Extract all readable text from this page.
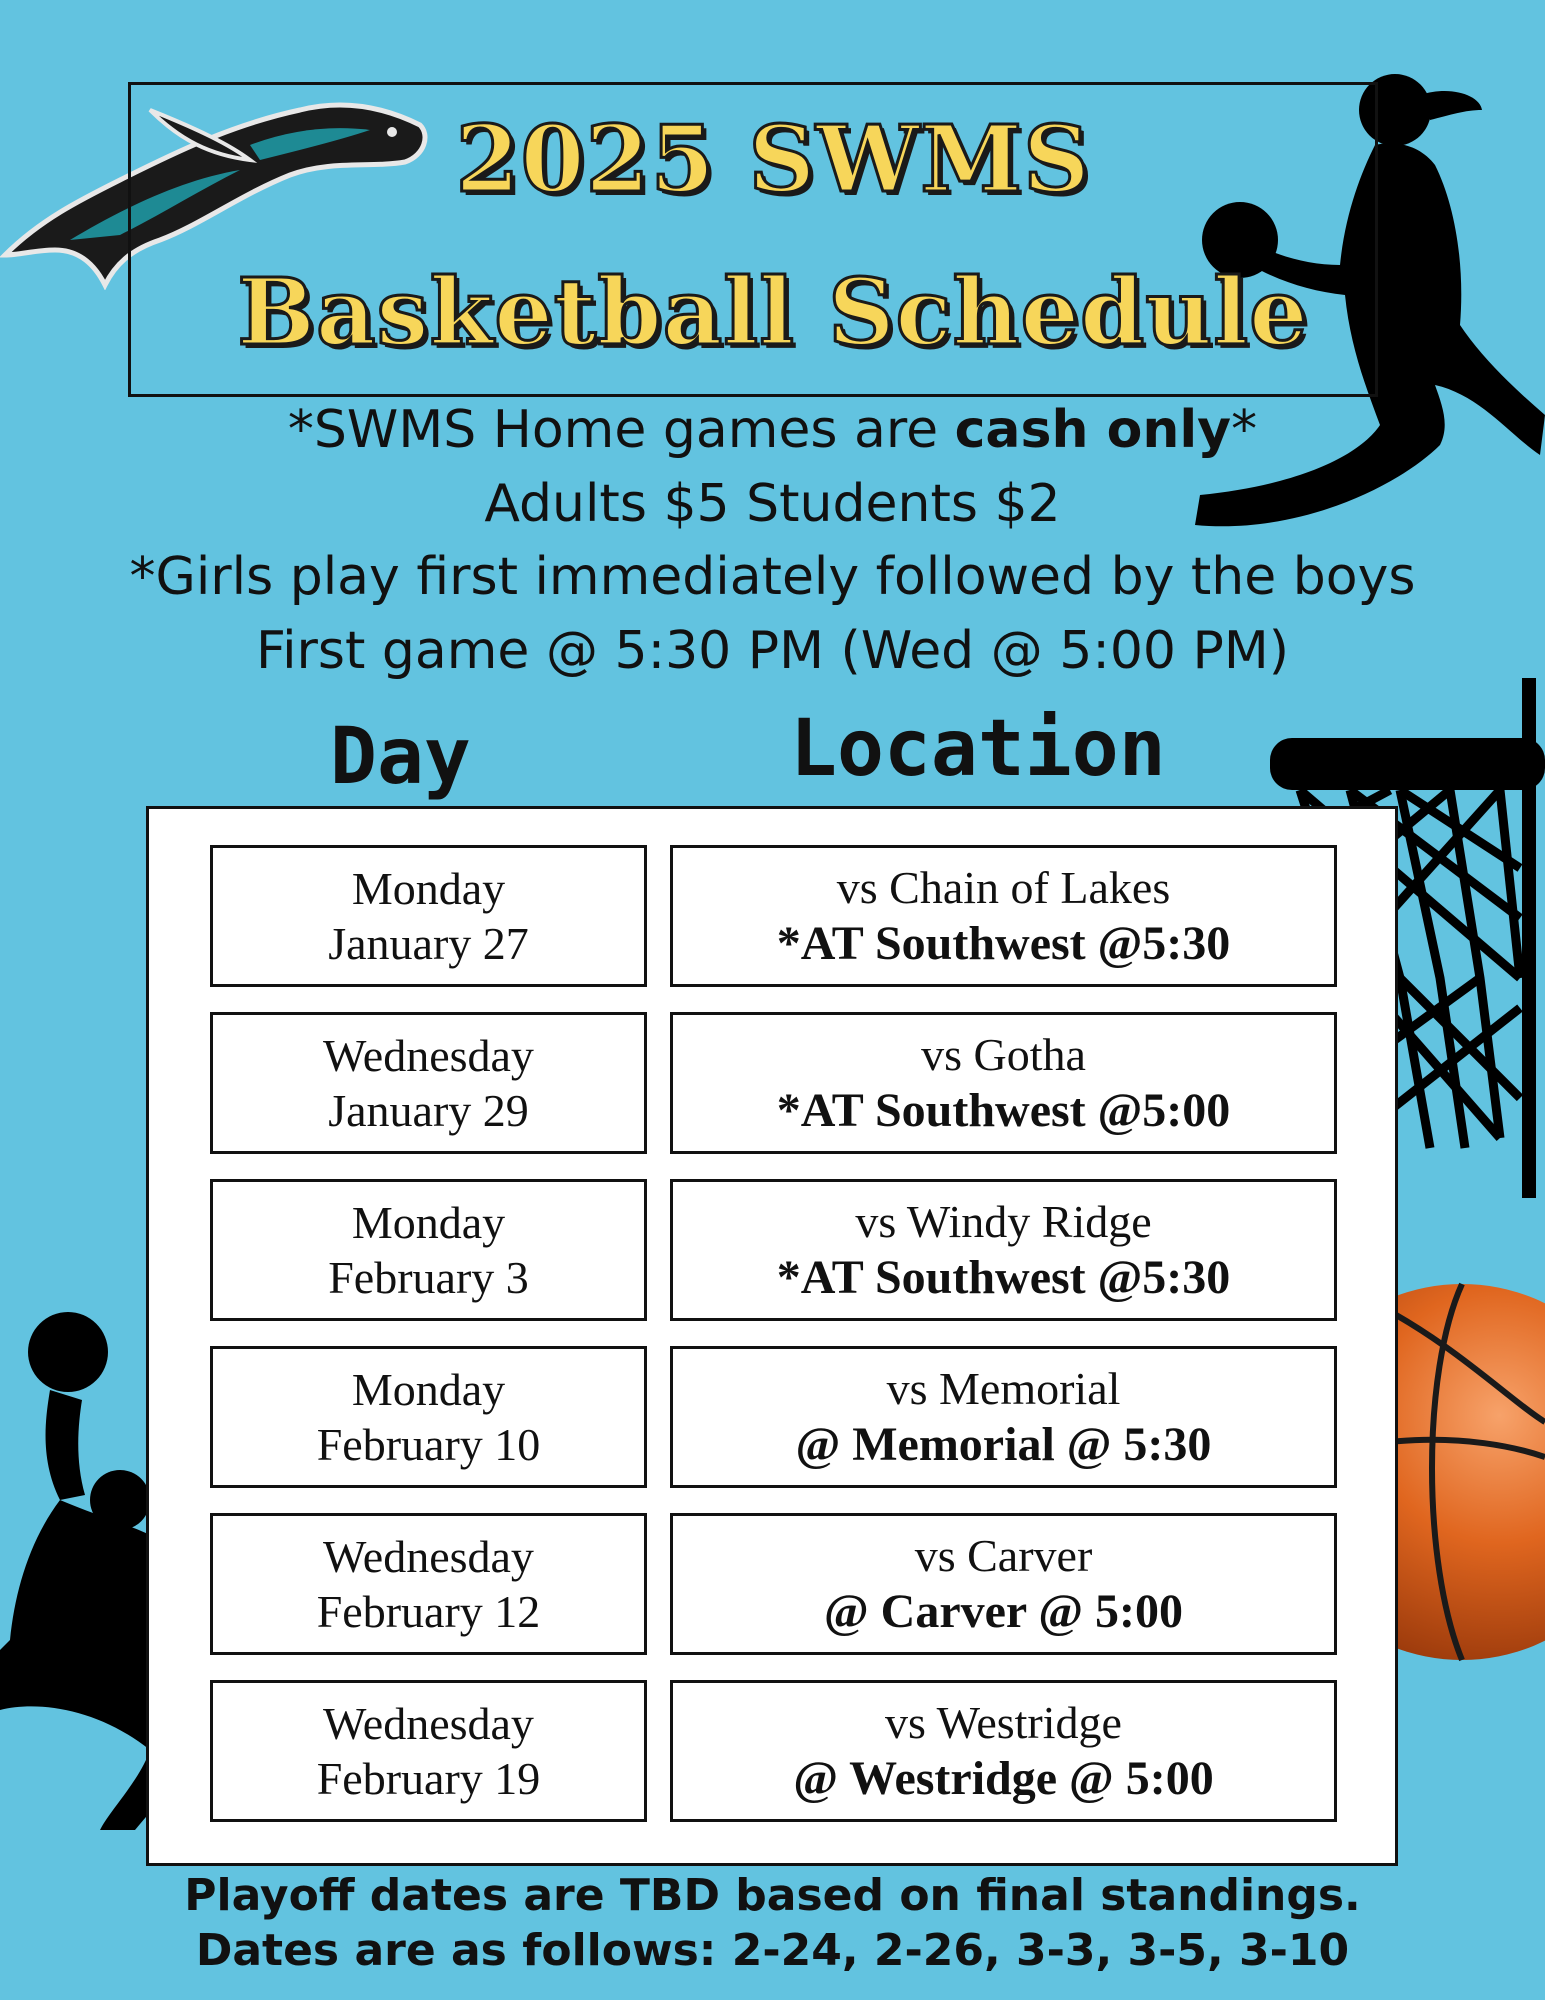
2025 SWMS
Basketball Schedule
*SWMS Home games are cash only*
Adults $5 Students $2
*Girls play first immediately followed by the boys
First game @ 5:30 PM (Wed @ 5:00 PM)
Day	Location
Monday
January 27
vs Chain of Lakes
*AT Southwest @5:30
Wednesday
January 29
vs Gotha
*AT Southwest @5:00
Monday
February 3
vs Windy Ridge
*AT Southwest @5:30
Monday
February 10
vs Memorial
@ Memorial @ 5:30
Wednesday
February 12
vs Carver
@ Carver @ 5:00
Wednesday
February 19
vs Westridge
@ Westridge @ 5:00
Playoff dates are TBD based on final standings.
Dates are as follows: 2-24, 2-26, 3-3, 3-5, 3-10
